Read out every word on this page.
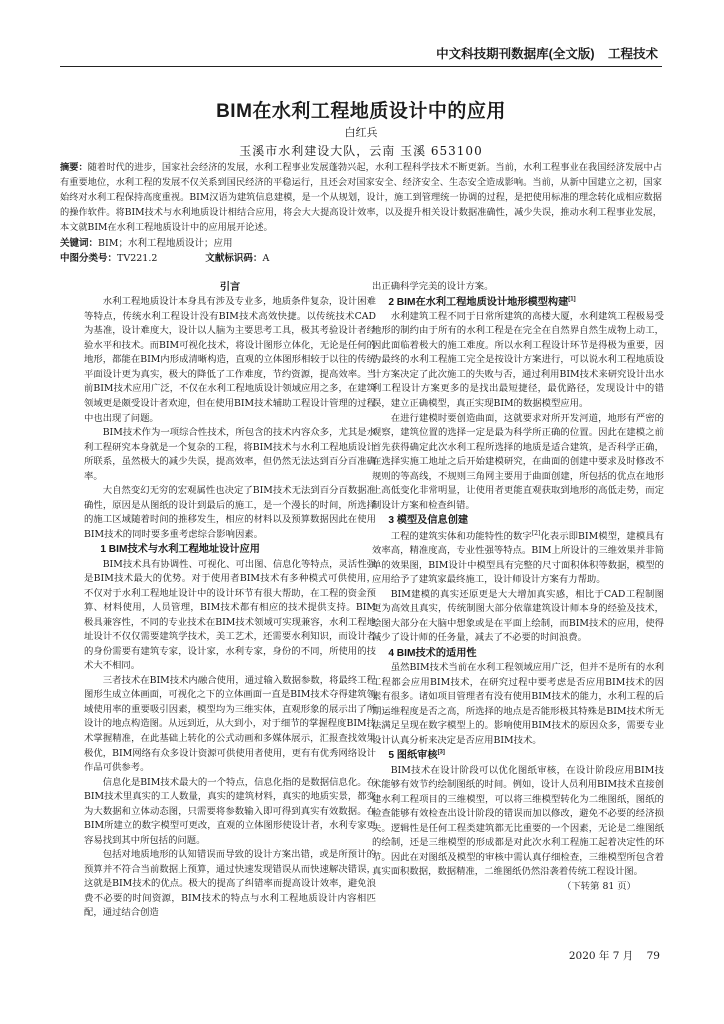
中文科技期刊数据库(全文版) 工程技术
BIM在水利工程地质设计中的应用
白红兵
玉溪市水利建设大队，云南 玉溪 653100
摘要：随着时代的进步，国家社会经济的发展，水利工程事业发展蓬勃兴起，水利工程科学技术不断更新。当前，水利工程事业在我国经济发展中占有重要地位，水利工程的发展不仅关系到国民经济的平稳运行，且还会对国家安全、经济安全、生态安全造成影响。当前，从新中国建立之初，国家始终对水利工程保持高度重视。BIM汉语为建筑信息建模，是一个从规划，设计，施工到管理统一协调的过程，是把使用标准的理念转化成相应数据的操作软件。将BIM技术与水利地质设计相结合应用，将会大大提高设计效率，以及提升相关设计数据准确性，减少失误，推动水利工程事业发展，本文就BIM在水利工程地质设计中的应用展开论述。
关键词：BIM；水利工程地质设计；应用
中图分类号：TV221.2	文献标识码：A
引言

水利工程地质设计本身具有涉及专业多，地质条件复杂，设计困难等特点，传统水利工程设计没有BIM技术高效快捷。以传统技术CAD为基准，设计难度大，设计以人脑为主要思考工具，极其考验设计者经验水平和技术。而BIM可视化技术，将设计图形立体化，无论是任何的地形，都能在BIM内形成清晰构造，直观的立体图形相较于以往的传统平面设计更为真实，极大的降低了工作难度，节约资源，提高效率。当前BIM技术应用广泛，不仅在水利工程地质设计领域应用之多，在建筑领域更是颇受设计者欢迎，但在使用BIM技术辅助工程设计管理的过程中也出现了问题。

BIM技术作为一项综合性技术，所包含的技术内容众多，尤其是水利工程研究本身就是一个复杂的工程，将BIM技术与水利工程地质设计所联系，虽然极大的减少失误，提高效率，但仍然无法达到百分百准确率。

大自然变幻无穷的宏观属性也决定了BIM技术无法到百分百数据准确性，原因是从图纸的设计到最后的施工，是一个漫长的时间，所选择的施工区域随着时间的推移发生，相应的材料以及预算数据因此在使用BIM技术的同时要多重考虑综合影响因素。

1 BIM技术与水利工程地址设计应用

BIM技术具有协调性、可视化、可出图、信息化等特点，灵活性强是BIM技术最大的优势。对于使用者BIM技术有多种模式可供使用，不仅对于水利工程地址设计中的设计环节有很大帮助，在工程的资金预算、材料使用，人员管理，BIM技术都有相应的技术提供支持。BIM极具兼容性，不同的专业技术在BIM技术领域可实现兼容，水利工程地址设计不仅仅需要建筑学技术，美工艺术，还需要水利知识，而设计者的身份需要有建筑专家，设计家，水利专家，身份的不同，所使用的技术大不相同。

三者技术在BIM技术内融合使用，通过输入数据参数，将最终工程图形生成立体画面，可视化之下的立体画面一直是BIM技术夺得建筑领域使用率的重要吸引因素，模型均为三维实体，直观形象的展示出了所设计的地点构造图。从远到近，从大到小，对于细节的掌握程度BIM技术掌握精准，在此基础上转化的公式动画和多媒体展示，汇报查找效果极优，BIM网络有众多设计资源可供使用者使用，更有有优秀网络设计作品可供参考。

信息化是BIM技术最大的一个特点，信息化指的是数据信息化。在BIM技术里真实的工人数量，真实的建筑材料，真实的地质实景，都变为大数据和立体动态图，只需要将参数输入即可得到真实有效数据。在BIM所建立的数字模型可更改，直观的立体图形使设计者，水利专家更容易找到其中所包括的问题。

包括对地质地形的认知错误而导致的设计方案出错，或是所预计的预算并不符合当前数据上预算，通过快速发现错误从而快速解决错误，这就是BIM技术的优点。极大的提高了纠错率而提高设计效率，避免浪费不必要的时间资源，BIM技术的特点与水利工程地质设计内容相匹配，通过结合创造

出正确科学完美的设计方案。

2 BIM在水利工程地质设计地形模型构建[1]

水利建筑工程不同于日常所建筑的高楼大厦，水利建筑工程极易受地形的制约由于所有的水利工程是在完全在自然界自然生成物上动工，因此面临着极大的施工难度。所以水利工程设计环节是得极为重要，因为最终的水利工程施工完全是按设计方案进行，可以说水利工程地质设计方案决定了此次施工的失败与否，通过利用BIM技术来研究设计出水利工程设计方案更多的是找出最短捷径，最优路径，发现设计中的错误，建立正确模型，真正实现BIM的数据模型应用。

在进行建模时要创造曲面，这就要求对所开发河道，地形有严密的观察，建筑位置的选择一定是最为科学所正确的位置。因此在建模之前首先获得确定此次水利工程所选择的地质是适合建筑，是否科学正确，在选择实施工地址之后开始建模研究，在曲面的创建中要求及时修改不规则的等高线，不规则三角网主要用于曲面创建，所包括的优点在地形上高低变化非常明显，让使用者更能直观获取到地形的高低走势，而定制设计方案和检查纠错。

3 模型及信息创建

工程的建筑实体和功能特性的数字[2]化表示即BIM模型，建模具有效率高，精准度高，专业性强等特点。BIM上所设计的三维效果并非简单的效果图，BIM设计中模型具有完整的尺寸面积体积等数据，模型的应用给予了建筑家最终施工，设计师设计方案有力帮助。

BIM建模的真实还原更是大大增加真实感，相比于CAD工程制图更为高效且真实，传统制图大部分依靠建筑设计师本身的经验及技术，绘图大部分在大脑中想象或是在平面上绘制，而BIM技术的应用，使得减少了设计师的任务量，减去了不必要的时间浪费。

4 BIM技术的适用性

虽然BIM技术当前在水利工程领域应用广泛，但并不是所有的水利工程都会应用BIM技术，在研究过程中要考虑是否应用BIM技术的因素有很多。诸如项目管理者有没有使用BIM技术的能力，水利工程的后期运维程度是否之高，所选择的地点是否能形极其特殊是BIM技术所无法满足呈现在数字模型上的。影响使用BIM技术的原因众多，需要专业设计认真分析来决定是否应用BIM技术。

5 图纸审核[3]

BIM技术在设计阶段可以优化图纸审核，在设计阶段应用BIM技术能够有效节约绘制图纸的时间。例如，设计人员利用BIM技术直接创建水利工程项目的三维模型，可以将三维模型转化为二维图纸，图纸的检查能够有效检查出设计阶段的错误而加以修改，避免不必要的经济损失。逻辑性是任何工程类建筑都无比重要的一个因素，无论是二维图纸的绘制，还是三维模型的形成都是对此次水利工程施工起着决定性的环节。因此在对图纸及模型的审核中需认真仔细检查，三维模型所包含着真实面积数据，数据精准，二维图纸仍然沿袭着传统工程设计图。

（下转第 81 页）

2020 年 7 月 79
